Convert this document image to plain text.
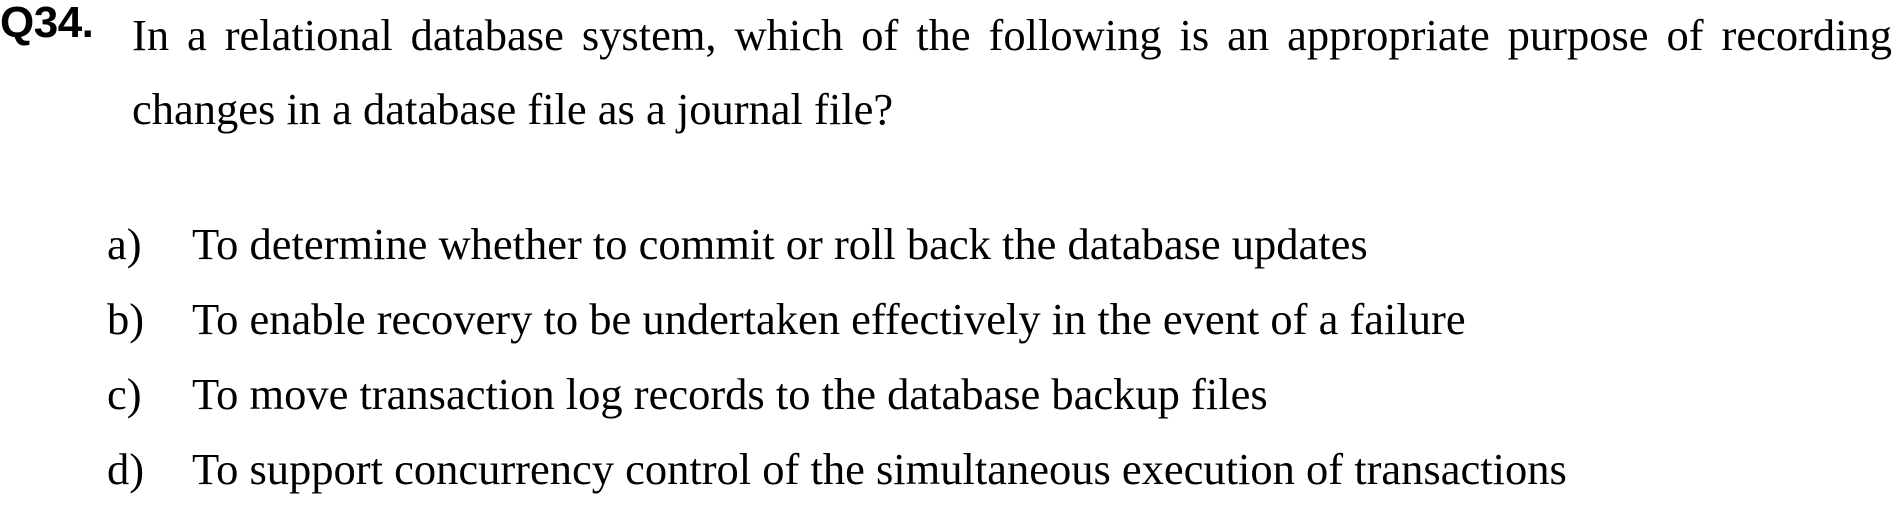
Q34. In a relational database system, which of the following is an appropriate purpose of recording changes in a database file as a journal file?

a) To determine whether to commit or roll back the database updates
b) To enable recovery to be undertaken effectively in the event of a failure
c) To move transaction log records to the database backup files
d) To support concurrency control of the simultaneous execution of transactions
